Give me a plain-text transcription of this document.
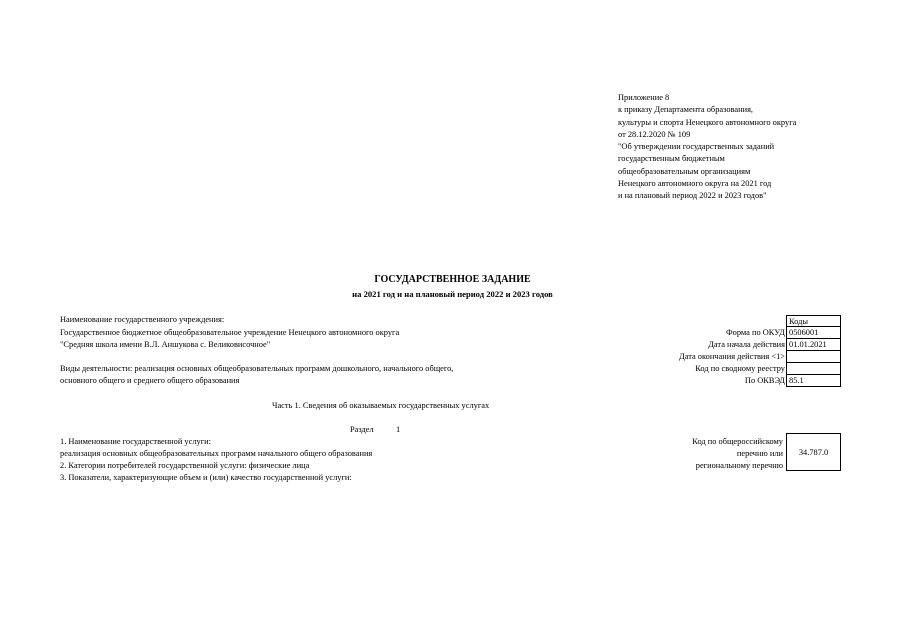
Приложение 8
к приказу Департамента образования,
культуры и спорта Ненецкого автономного округа
от 28.12.2020 № 109
"Об утверждении государственных заданий
государственным бюджетным
общеобразовательным организациям
Ненецкого автономного округа на 2021 год
и на плановый период 2022 и 2023 годов"
ГОСУДАРСТВЕННОЕ ЗАДАНИЕ
на 2021 год и на плановый период 2022 и 2023 годов
Наименование государственного учреждения:
Государственное бюджетное общеобразовательное учреждение Ненецкого автономного округа
"Средняя школа имени В.Л. Аншукова с. Великовисочное"
Виды деятельности: реализация основных общеобразовательных программ дошкольного, начального общего,
основного общего и среднего общего образования
Форма по ОКУД
Дата начала действия
Дата окончания действия <1>
Код по сводному реестру
По ОКВЭД
Коды
0506001
01.01.2021
85.1
Часть 1. Сведения об оказываемых государственных услугах
Раздел	1
1. Наименование государственной услуги:
реализация основных общеобразовательных программ начального общего образования
2. Категории потребителей государственной услуги: физические лица
3. Показатели, характеризующие объем и (или) качество государственной услуги:
Код по общероссийскому
перечню или
региональному перечню
34.787.0
